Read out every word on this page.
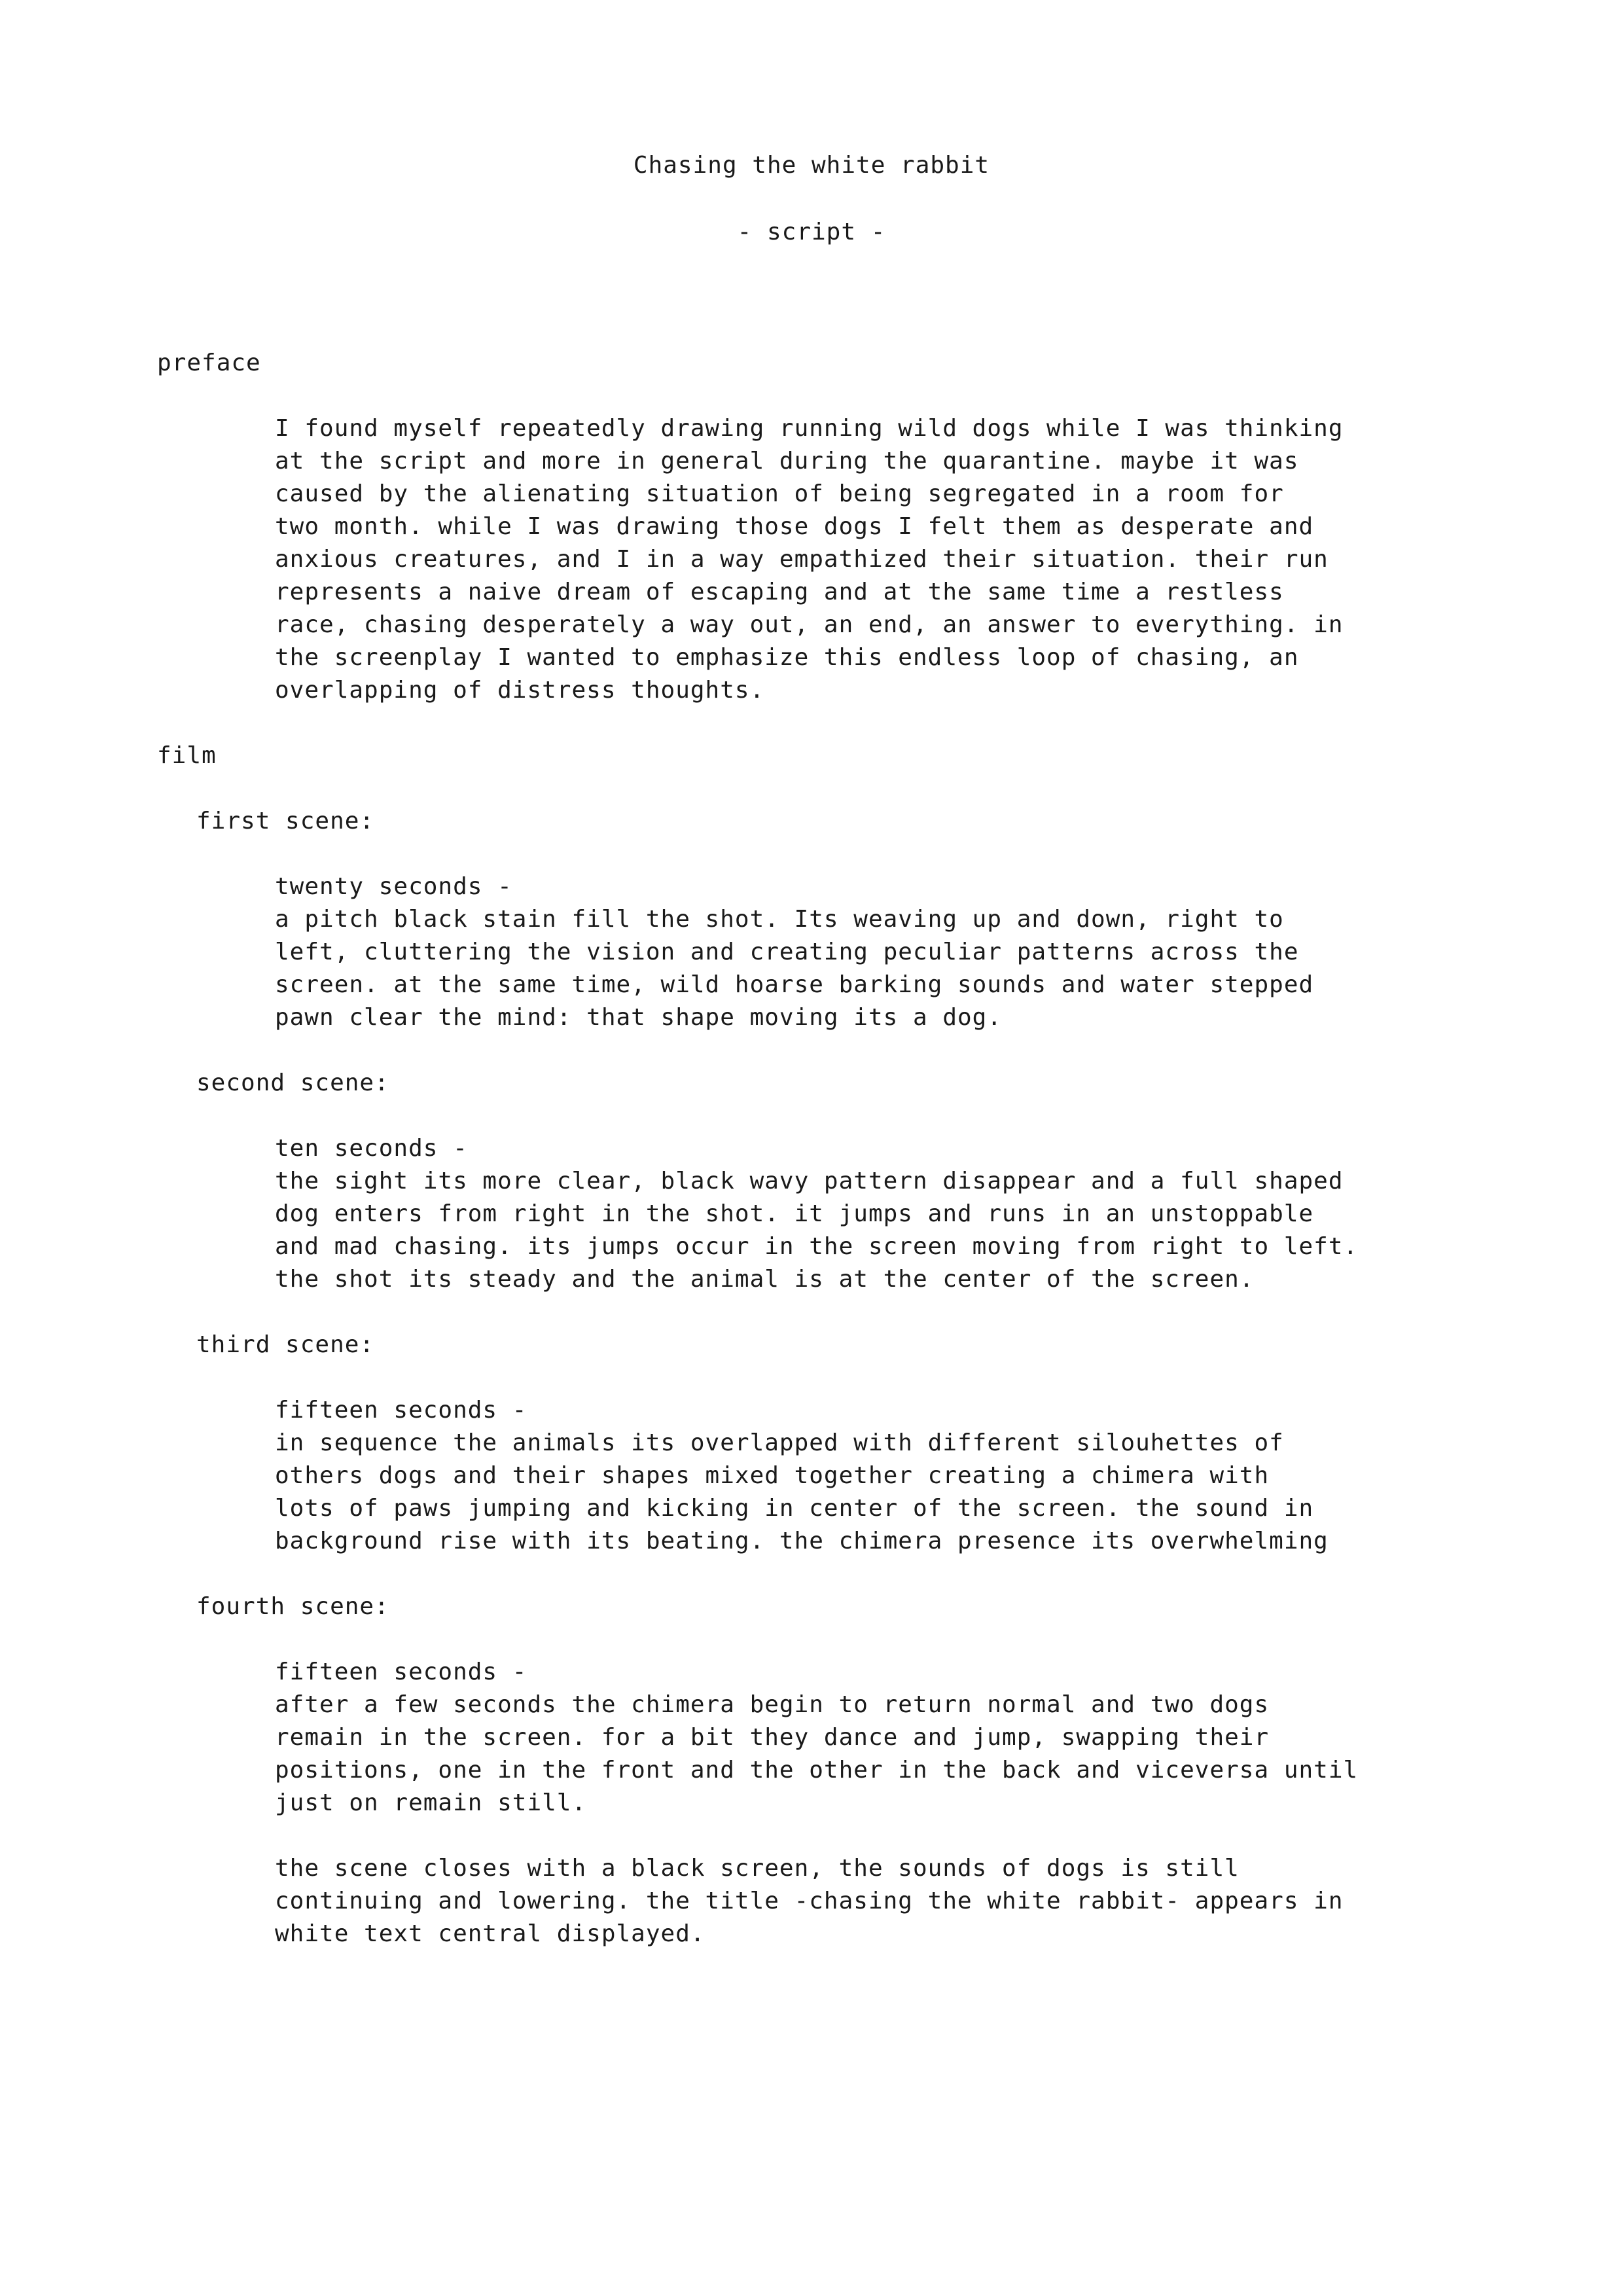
Chasing the white rabbit
- script -
preface
I found myself repeatedly drawing running wild dogs while I was thinking
at the script and more in general during the quarantine. maybe it was
caused by the alienating situation of being segregated in a room for
two month. while I was drawing those dogs I felt them as desperate and
anxious creatures, and I in a way empathized their situation. their run
represents a naive dream of escaping and at the same time a restless
race, chasing desperately a way out, an end, an answer to everything. in
the screenplay I wanted to emphasize this endless loop of chasing, an
overlapping of distress thoughts.
film
first scene:
twenty seconds -
a pitch black stain fill the shot. Its weaving up and down, right to
left, cluttering the vision and creating peculiar patterns across the
screen. at the same time, wild hoarse barking sounds and water stepped
pawn clear the mind: that shape moving its a dog.
second scene:
ten seconds -
the sight its more clear, black wavy pattern disappear and a full shaped
dog enters from right in the shot. it jumps and runs in an unstoppable
and mad chasing. its jumps occur in the screen moving from right to left.
the shot its steady and the animal is at the center of the screen.
third scene:
fifteen seconds -
in sequence the animals its overlapped with different silouhettes of
others dogs and their shapes mixed together creating a chimera with
lots of paws jumping and kicking in center of the screen. the sound in
background rise with its beating. the chimera presence its overwhelming
fourth scene:
fifteen seconds -
after a few seconds the chimera begin to return normal and two dogs
remain in the screen. for a bit they dance and jump, swapping their
positions, one in the front and the other in the back and viceversa until
just on remain still.
the scene closes with a black screen, the sounds of dogs is still
continuing and lowering. the title -chasing the white rabbit- appears in
white text central displayed.
